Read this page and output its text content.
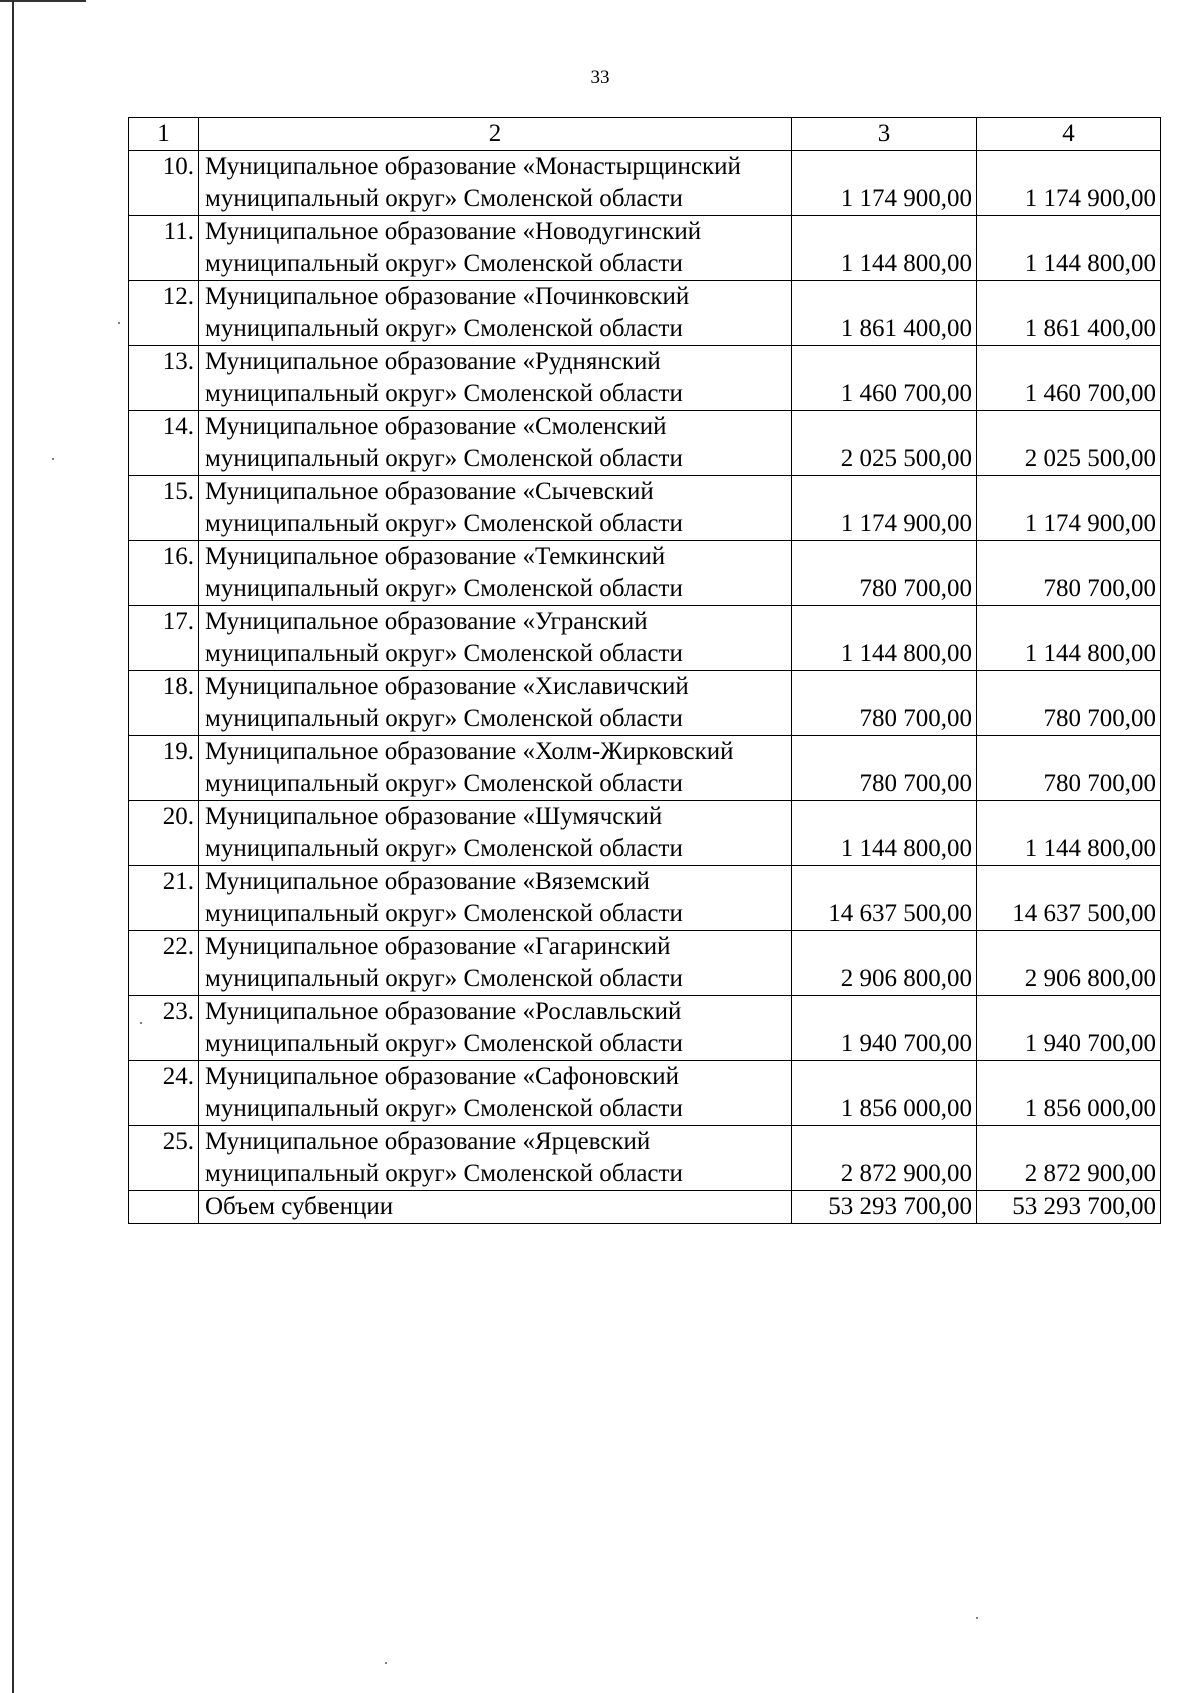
33
1	2	3	4
10.	Муниципальное образование «Монастырщинский муниципальный округ» Смоленской области	1 174 900,00	1 174 900,00
11.	Муниципальное образование «Новодугинский муниципальный округ» Смоленской области	1 144 800,00	1 144 800,00
12.	Муниципальное образование «Починковский муниципальный округ» Смоленской области	1 861 400,00	1 861 400,00
13.	Муниципальное образование «Руднянский муниципальный округ» Смоленской области	1 460 700,00	1 460 700,00
14.	Муниципальное образование «Смоленский муниципальный округ» Смоленской области	2 025 500,00	2 025 500,00
15.	Муниципальное образование «Сычевский муниципальный округ» Смоленской области	1 174 900,00	1 174 900,00
16.	Муниципальное образование «Темкинский муниципальный округ» Смоленской области	780 700,00	780 700,00
17.	Муниципальное образование «Угранский муниципальный округ» Смоленской области	1 144 800,00	1 144 800,00
18.	Муниципальное образование «Хиславичский муниципальный округ» Смоленской области	780 700,00	780 700,00
19.	Муниципальное образование «Холм-Жирковский муниципальный округ» Смоленской области	780 700,00	780 700,00
20.	Муниципальное образование «Шумячский муниципальный округ» Смоленской области	1 144 800,00	1 144 800,00
21.	Муниципальное образование «Вяземский муниципальный округ» Смоленской области	14 637 500,00	14 637 500,00
22.	Муниципальное образование «Гагаринский муниципальный округ» Смоленской области	2 906 800,00	2 906 800,00
23.	Муниципальное образование «Рославльский муниципальный округ» Смоленской области	1 940 700,00	1 940 700,00
24.	Муниципальное образование «Сафоновский муниципальный округ» Смоленской области	1 856 000,00	1 856 000,00
25.	Муниципальное образование «Ярцевский муниципальный округ» Смоленской области	2 872 900,00	2 872 900,00
	Объем субвенции	53 293 700,00	53 293 700,00
